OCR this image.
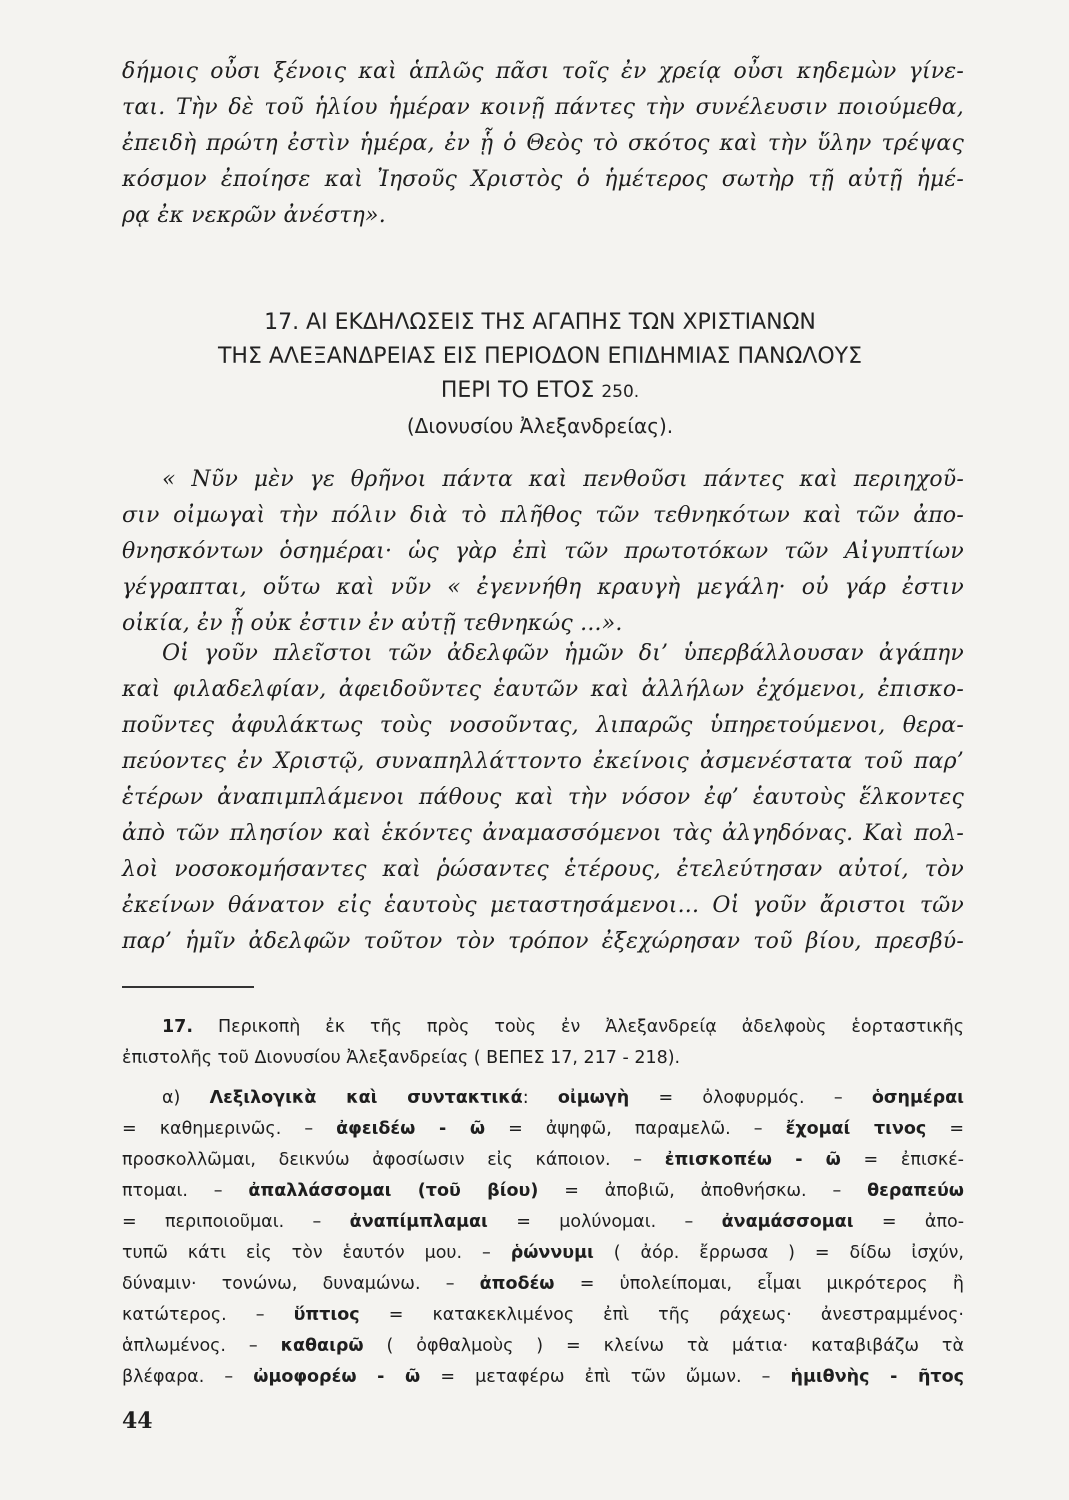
δήμοις οὖσι ξένοις καὶ ἁπλῶς πᾶσι τοῖς ἐν χρείᾳ οὖσι κηδεμὼν γίνε-
ται. Τὴν δὲ τοῦ ἡλίου ἡμέραν κοινῇ πάντες τὴν συνέλευσιν ποιούμεθα,
ἐπειδὴ πρώτη ἐστὶν ἡμέρα, ἐν ᾗ ὁ Θεὸς τὸ σκότος καὶ τὴν ὕλην τρέψας
κόσμον ἐποίησε καὶ Ἰησοῦς Χριστὸς ὁ ἡμέτερος σωτὴρ τῇ αὐτῇ ἡμέ-
ρᾳ ἐκ νεκρῶν ἀνέστη».
17. ΑΙ ΕΚΔΗΛΩΣΕΙΣ ΤΗΣ ΑΓΑΠΗΣ ΤΩΝ ΧΡΙΣΤΙΑΝΩΝ
ΤΗΣ ΑΛΕΞΑΝΔΡΕΙΑΣ ΕΙΣ ΠΕΡΙΟΔΟΝ ΕΠΙΔΗΜΙΑΣ ΠΑΝΩΛΟΥΣ
ΠΕΡΙ ΤΟ ΕΤΟΣ 250.
(Διονυσίου Ἀλεξανδρείας).
« Νῦν μὲν γε θρῆνοι πάντα καὶ πενθοῦσι πάντες καὶ περιηχοῦ-
σιν οἰμωγαὶ τὴν πόλιν διὰ τὸ πλῆθος τῶν τεθνηκότων καὶ τῶν ἀπο-
θνησκόντων ὁσημέραι· ὡς γὰρ ἐπὶ τῶν πρωτοτόκων τῶν Αἰγυπτίων
γέγραπται, οὕτω καὶ νῦν « ἐγεννήθη κραυγὴ μεγάλη· οὐ γάρ ἐστιν
οἰκία, ἐν ᾗ οὐκ ἐστιν ἐν αὐτῇ τεθνηκώς ...».
Οἱ γοῦν πλεῖστοι τῶν ἀδελφῶν ἡμῶν δι’ ὑπερβάλλουσαν ἀγάπην
καὶ φιλαδελφίαν, ἀφειδοῦντες ἑαυτῶν καὶ ἀλλήλων ἐχόμενοι, ἐπισκο-
ποῦντες ἀφυλάκτως τοὺς νοσοῦντας, λιπαρῶς ὑπηρετούμενοι, θερα-
πεύοντες ἐν Χριστῷ, συναπηλλάττοντο ἐκείνοις ἀσμενέστατα τοῦ παρ’
ἑτέρων ἀναπιμπλάμενοι πάθους καὶ τὴν νόσον ἐφ’ ἑαυτοὺς ἕλκοντες
ἀπὸ τῶν πλησίον καὶ ἑκόντες ἀναμασσόμενοι τὰς ἀλγηδόνας. Καὶ πολ-
λοὶ νοσοκομήσαντες καὶ ῥώσαντες ἑτέρους, ἐτελεύτησαν αὐτοί, τὸν
ἐκείνων θάνατον εἰς ἑαυτοὺς μεταστησάμενοι... Οἱ γοῦν ἄριστοι τῶν
παρ’ ἡμῖν ἀδελφῶν τοῦτον τὸν τρόπον ἐξεχώρησαν τοῦ βίου, πρεσβύ-
17. Περικοπὴ ἐκ τῆς πρὸς τοὺς ἐν Ἀλεξανδρείᾳ ἀδελφοὺς ἑορταστικῆς
ἐπιστολῆς τοῦ Διονυσίου Ἀλεξανδρείας ( ΒΕΠΕΣ 17, 217 - 218).
α) Λεξιλογικὰ καὶ συντακτικά: οἰμωγὴ = ὀλοφυρμός. – ὁσημέραι
= καθημερινῶς. – ἀφειδέω - ῶ = ἀψηφῶ, παραμελῶ. – ἔχομαί τινος =
προσκολλῶμαι, δεικνύω ἀφοσίωσιν εἰς κάποιον. – ἐπισκοπέω - ῶ = ἐπισκέ-
πτομαι. – ἀπαλλάσσομαι (τοῦ βίου) = ἀποβιῶ, ἀποθνήσκω. – θεραπεύω
= περιποιοῦμαι. – ἀναπίμπλαμαι = μολύνομαι. – ἀναμάσσομαι = ἀπο-
τυπῶ κάτι εἰς τὸν ἑαυτόν μου. – ῥώννυμι ( ἀόρ. ἔρρωσα ) = δίδω ἰσχύν,
δύναμιν· τονώνω, δυναμώνω. – ἀποδέω = ὑπολείπομαι, εἶμαι μικρότερος ἢ
κατώτερος. – ὕπτιος = κατακεκλιμένος ἐπὶ τῆς ράχεως· ἀνεστραμμένος·
ἁπλωμένος. – καθαιρῶ ( ὀφθαλμοὺς ) = κλείνω τὰ μάτια· καταβιβάζω τὰ
βλέφαρα. – ὠμοφορέω - ῶ = μεταφέρω ἐπὶ τῶν ὤμων. – ἡμιθνὴς - ῆτος
44
